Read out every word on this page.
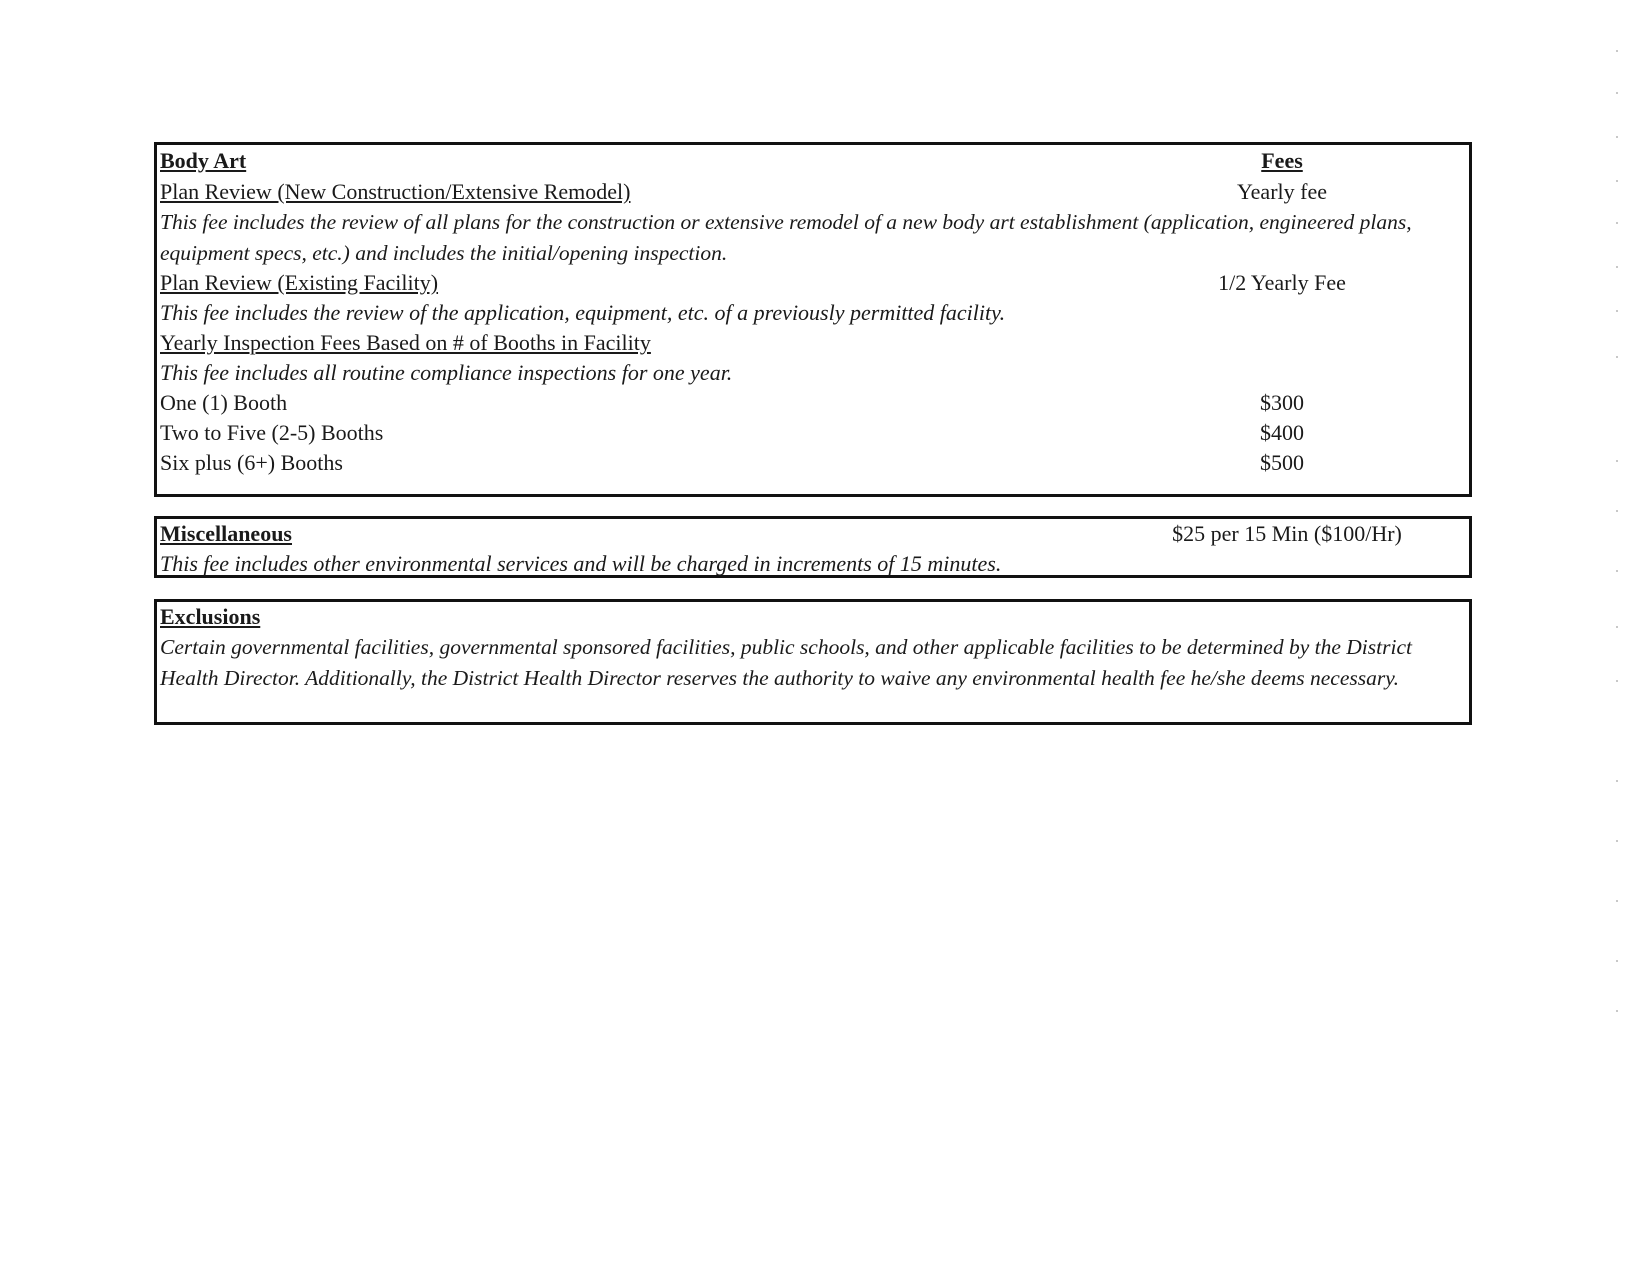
Body Art	Fees
Plan Review (New Construction/Extensive Remodel)	Yearly fee
This fee includes the review of all plans for the construction or extensive remodel of a new body art establishment (application, engineered plans, equipment specs, etc.) and includes the initial/opening inspection.
Plan Review (Existing Facility)	1/2 Yearly Fee
This fee includes the review of the application, equipment, etc. of a previously permitted facility.
Yearly Inspection Fees Based on # of Booths in Facility
This fee includes all routine compliance inspections for one year.
One (1) Booth	$300
Two to Five (2-5) Booths	$400
Six plus (6+) Booths	$500
Miscellaneous	$25 per 15 Min ($100/Hr)
This fee includes other environmental services and will be charged in increments of 15 minutes.
Exclusions
Certain governmental facilities, governmental sponsored facilities, public schools, and other applicable facilities to be determined by the District Health Director. Additionally, the District Health Director reserves the authority to waive any environmental health fee he/she deems necessary.
